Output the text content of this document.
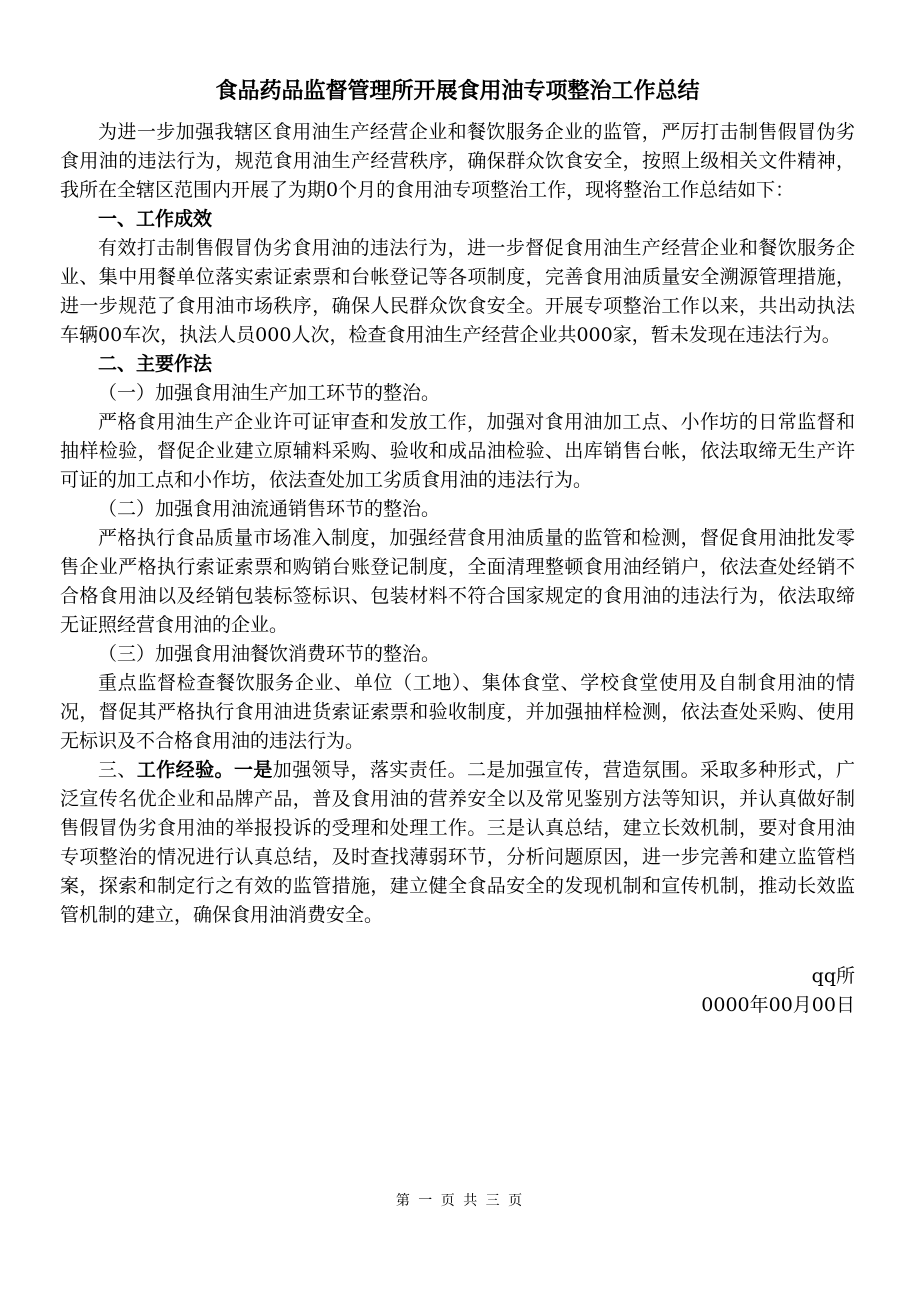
食品药品监督管理所开展食用油专项整治工作总结

为进一步加强我辖区食用油生产经营企业和餐饮服务企业的监管，严厉打击制售假冒伪劣食用油的违法行为，规范食用油生产经营秩序，确保群众饮食安全，按照上级相关文件精神，我所在全辖区范围内开展了为期0个月的食用油专项整治工作，现将整治工作总结如下：

一、工作成效

有效打击制售假冒伪劣食用油的违法行为，进一步督促食用油生产经营企业和餐饮服务企业、集中用餐单位落实索证索票和台帐登记等各项制度，完善食用油质量安全溯源管理措施，进一步规范了食用油市场秩序，确保人民群众饮食安全。开展专项整治工作以来，共出动执法车辆00车次，执法人员000人次，检查食用油生产经营企业共000家，暂未发现在违法行为。

二、主要作法

（一）加强食用油生产加工环节的整治。

严格食用油生产企业许可证审查和发放工作，加强对食用油加工点、小作坊的日常监督和抽样检验，督促企业建立原辅料采购、验收和成品油检验、出库销售台帐，依法取缔无生产许可证的加工点和小作坊，依法查处加工劣质食用油的违法行为。

（二）加强食用油流通销售环节的整治。

严格执行食品质量市场准入制度，加强经营食用油质量的监管和检测，督促食用油批发零售企业严格执行索证索票和购销台账登记制度，全面清理整顿食用油经销户，依法查处经销不合格食用油以及经销包装标签标识、包装材料不符合国家规定的食用油的违法行为，依法取缔无证照经营食用油的企业。

（三）加强食用油餐饮消费环节的整治。

重点监督检查餐饮服务企业、单位（工地）、集体食堂、学校食堂使用及自制食用油的情况，督促其严格执行食用油进货索证索票和验收制度，并加强抽样检测，依法查处采购、使用无标识及不合格食用油的违法行为。

三、工作经验。一是加强领导，落实责任。二是加强宣传，营造氛围。采取多种形式，广泛宣传名优企业和品牌产品，普及食用油的营养安全以及常见鉴别方法等知识，并认真做好制售假冒伪劣食用油的举报投诉的受理和处理工作。三是认真总结，建立长效机制，要对食用油专项整治的情况进行认真总结，及时查找薄弱环节，分析问题原因，进一步完善和建立监管档案，探索和制定行之有效的监管措施，建立健全食品安全的发现机制和宣传机制，推动长效监管机制的建立，确保食用油消费安全。

qq所

0000年00月00日

第 一 页 共 三 页
